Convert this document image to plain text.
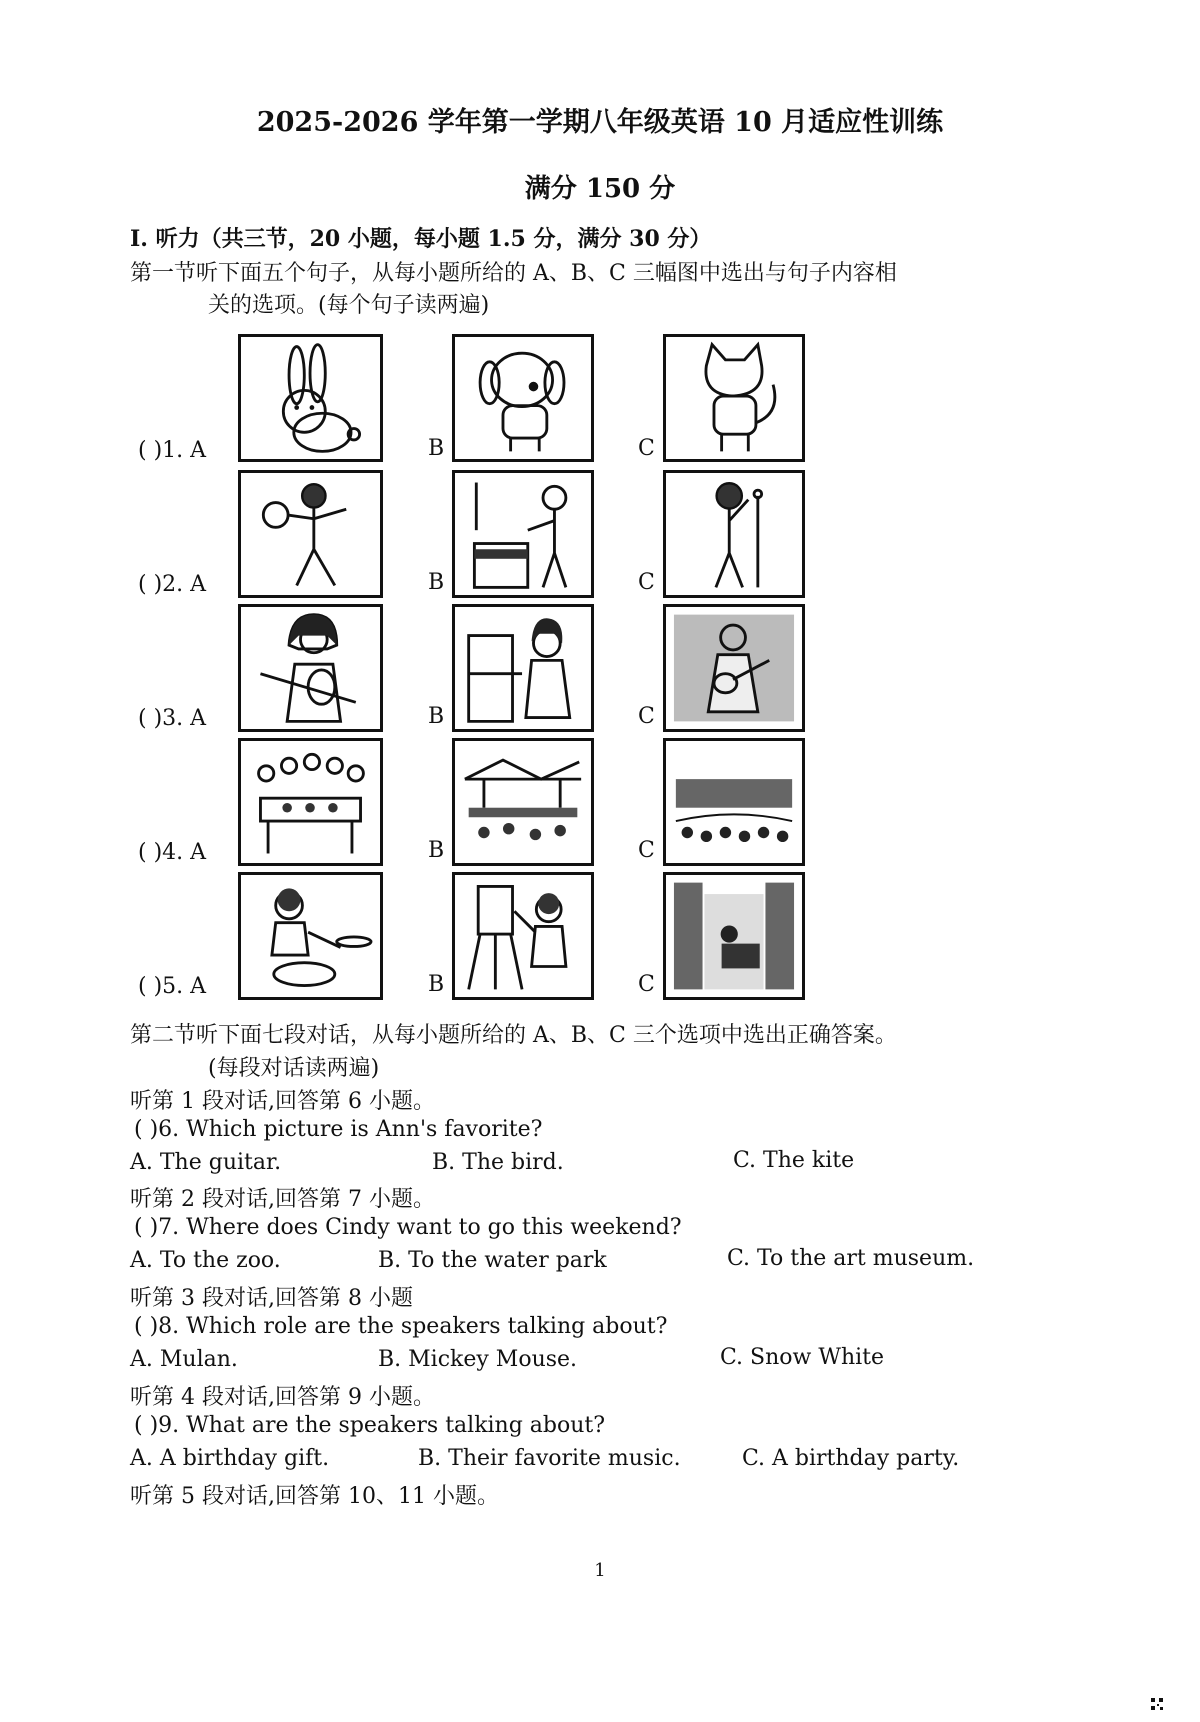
2025-2026 学年第一学期八年级英语 10 月适应性训练
满分 150 分
I. 听力（共三节，20 小题，每小题 1.5 分，满分 30 分）
第一节听下面五个句子，从每小题所给的 A、B、C 三幅图中选出与句子内容相
关的选项。(每个句子读两遍)
( )1. A	B	C
( )2. A	B	C
( )3. A	B	C
( )4. A	B	C
( )5. A	B	C
第二节听下面七段对话，从每小题所给的 A、B、C 三个选项中选出正确答案。
(每段对话读两遍)
听第 1 段对话,回答第 6 小题。
( )6. Which picture is Ann's favorite?
A. The guitar.	B. The bird.	C. The kite
听第 2 段对话,回答第 7 小题。
( )7. Where does Cindy want to go this weekend?
A. To the zoo.	B. To the water park	C. To the art museum.
听第 3 段对话,回答第 8 小题
( )8. Which role are the speakers talking about?
A. Mulan.	B. Mickey Mouse.	C. Snow White
听第 4 段对话,回答第 9 小题。
( )9. What are the speakers talking about?
A. A birthday gift.	B. Their favorite music.	C. A birthday party.
听第 5 段对话,回答第 10、11 小题。
1
